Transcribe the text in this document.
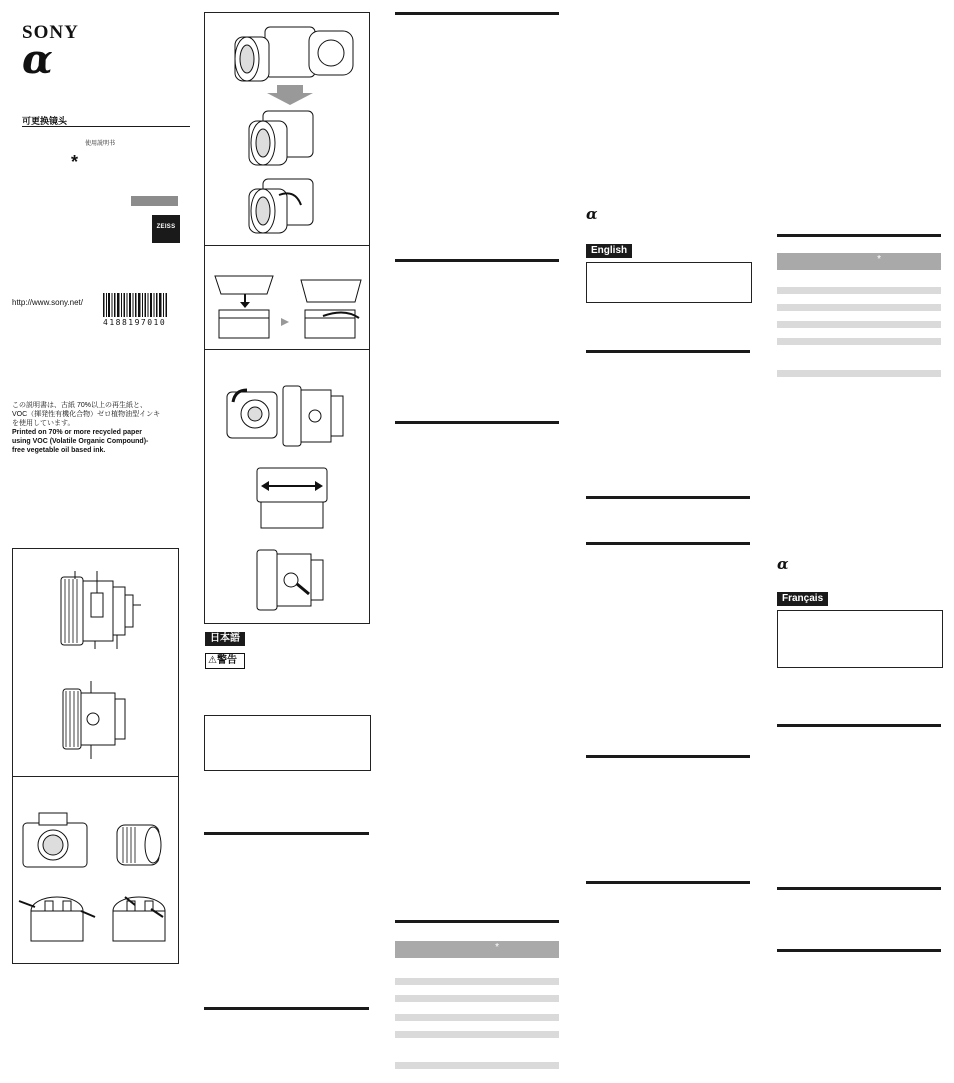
SONY
α
可更换镜头
使用説明书
*
ZEISS
http://www.sony.net/
4188197010
この説明書は、古紙 70%以上の再生紙と、
VOC（揮発性有機化合物）ゼロ植物油型インキ
を使用しています。
Printed on 70% or more recycled paper
using VOC (Volatile Organic Compound)-
free vegetable oil based ink.
日本語
⚠警告
*
α
English
*
α
Français
